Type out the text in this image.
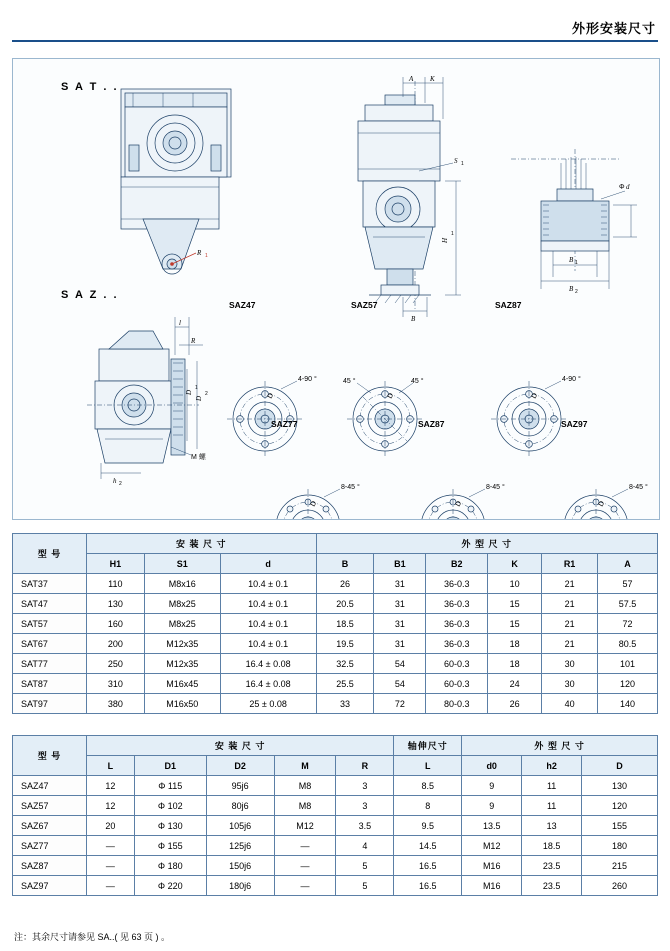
外形安装尺寸
S A T . .
S A Z . .
R 1
A K
S 1
H
1
B
Φ d
B 1
B 2
l
R
D
1
D
2
M 螺
h 2
D
4-90 °
D
45 °	45 °
D
4-90 °
D
8-45 °
D
8-45 °
D
8-45 °
SAZ47	SAZ57	SAZ87
SAZ77	SAZ87	SAZ97
型 号	安 装 尺 寸			外 型 尺 寸					
	H1	S1	d	B	B1	B2	K	R1	A
SAT37	110	M8x16	10.4 ± 0.1	26	31	36-0.3	10	21	57
SAT47	130	M8x25	10.4 ± 0.1	20.5	31	36-0.3	15	21	57.5
SAT57	160	M8x25	10.4 ± 0.1	18.5	31	36-0.3	15	21	72
SAT67	200	M12x35	10.4 ± 0.1	19.5	31	36-0.3	18	21	80.5
SAT77	250	M12x35	16.4 ± 0.08	32.5	54	60-0.3	18	30	101
SAT87	310	M16x45	16.4 ± 0.08	25.5	54	60-0.3	24	30	120
SAT97	380	M16x50	25 ± 0.08	33	72	80-0.3	26	40	140
型 号	安 装 尺 寸					轴伸尺寸	外 型 尺 寸		
	L	D1	D2	M	R	L	d0	h2	D
SAZ47	12	Φ 115	95j6	M8	3	8.5	9	11	130
SAZ57	12	Φ 102	80j6	M8	3	8	9	11	120
SAZ67	20	Φ 130	105j6	M12	3.5	9.5	13.5	13	155
SAZ77	—	Φ 155	125j6	—	4	14.5	M12	18.5	180
SAZ87	—	Φ 180	150j6	—	5	16.5	M16	23.5	215
SAZ97	—	Φ 220	180j6	—	5	16.5	M16	23.5	260
注：其余尺寸请参见 SA..( 见 63 页 ) 。
